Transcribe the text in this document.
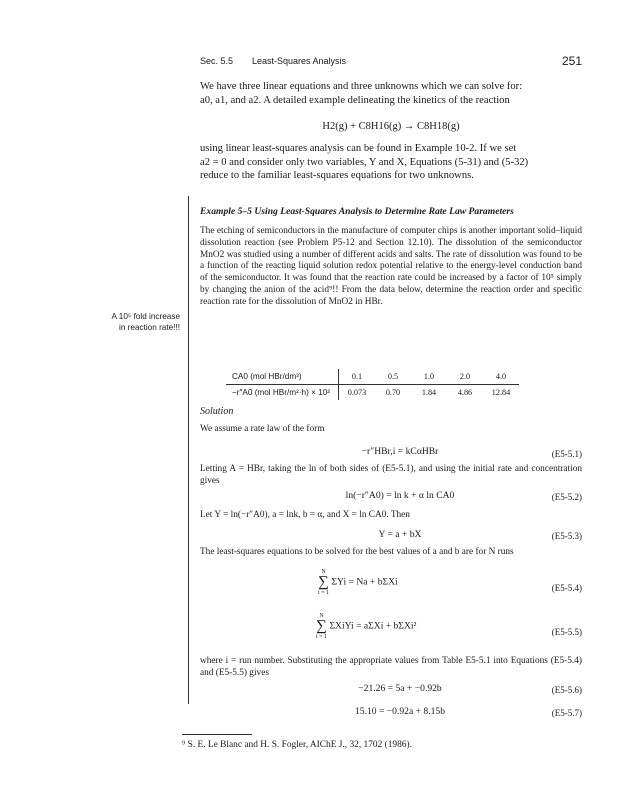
Sec. 5.5 Least-Squares Analysis	251
We have three linear equations and three unknowns which we can solve for:
a0, a1, and a2. A detailed example delineating the kinetics of the reaction
H2(g) + C8H16(g) → C8H18(g)
using linear least-squares analysis can be found in Example 10-2. If we set
a2 = 0 and consider only two variables, Y and X, Equations (5-31) and (5-32)
reduce to the familiar least-squares equations for two unknowns.
Example 5–5 Using Least-Squares Analysis to Determine Rate Law Parameters
The etching of semiconductors in the manufacture of computer chips is another important solid–liquid dissolution reaction (see Problem P5-12 and Section 12.10). The dissolution of the semiconductor MnO2 was studied using a number of different acids and salts. The rate of dissolution was found to be a function of the reacting liquid solution redox potential relative to the energy-level conduction band of the semiconductor. It was found that the reaction rate could be increased by a factor of 10⁵ simply by changing the anion of the acid⁹!! From the data below, determine the reaction order and specific reaction rate for the dissolution of MnO2 in HBr.
A 10⁵ fold increase
in reaction rate!!!
CA0 (mol HBr/dm³)	0.1	0.5	1.0	2.0	4.0
−r″A0 (mol HBr/m²·h) × 10²	0.073	0.70	1.84	4.86	12.84
Solution
We assume a rate law of the form
−r″HBr,i = kCαHBr	(E5-5.1)
Letting A = HBr, taking the ln of both sides of (E5-5.1), and using the initial rate and concentration gives
ln(−r″A0) = ln k + α ln CA0	(E5-5.2)
Let Y = ln(−r″A0), a = lnk, b = α, and X = ln CA0. Then
Y = a + bX	(E5-5.3)
The least-squares equations to be solved for the best values of a and b are for N runs
N
∑
i = 1
ΣYi = Na + bΣXi
(E5-5.4)
N
∑
i = 1
ΣXiYi = aΣXi + bΣXi²
(E5-5.5)
where i = run number. Substituting the appropriate values from Table E5-5.1 into Equations (E5-5.4) and (E5-5.5) gives
−21.26 = 5a + −0.92b	(E5-5.6)
15.10 = −0.92a + 8.15b	(E5-5.7)
⁹ S. E. Le Blanc and H. S. Fogler, AIChE J., 32, 1702 (1986).
